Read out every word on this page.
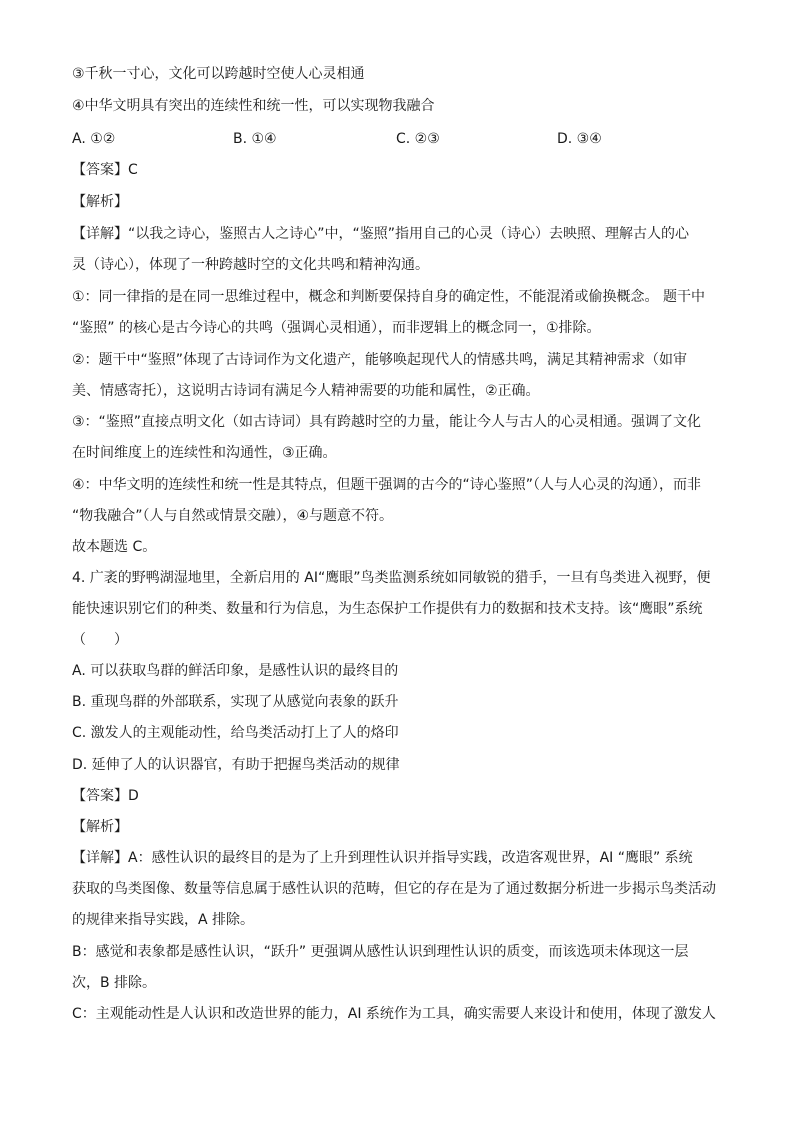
③千秋一寸心，文化可以跨越时空使人心灵相通
④中华文明具有突出的连续性和统一性，可以实现物我融合
A. ①②	B. ①④	C. ②③	D. ③④
【答案】C
【解析】
【详解】“以我之诗心，鉴照古人之诗心”中，“鉴照”指用自己的心灵（诗心）去映照、理解古人的心
灵（诗心），体现了一种跨越时空的文化共鸣和精神沟通。
①：同一律指的是在同一思维过程中，概念和判断要保持自身的确定性，不能混淆或偷换概念。 题干中
“鉴照” 的核心是古今诗心的共鸣（强调心灵相通），而非逻辑上的概念同一，①排除。
②：题干中“鉴照”体现了古诗词作为文化遗产，能够唤起现代人的情感共鸣，满足其精神需求（如审
美、情感寄托），这说明古诗词有满足今人精神需要的功能和属性，②正确。
③：“鉴照”直接点明文化（如古诗词）具有跨越时空的力量，能让今人与古人的心灵相通。强调了文化
在时间维度上的连续性和沟通性，③正确。
④：中华文明的连续性和统一性是其特点，但题干强调的古今的“诗心鉴照”（人与人心灵的沟通），而非
“物我融合”（人与自然或情景交融），④与题意不符。
故本题选 C。
4. 广袤的野鸭湖湿地里，全新启用的 AI“鹰眼”鸟类监测系统如同敏锐的猎手，一旦有鸟类进入视野，便
能快速识别它们的种类、数量和行为信息，为生态保护工作提供有力的数据和技术支持。该“鹰眼”系统
（　　）
A. 可以获取鸟群的鲜活印象，是感性认识的最终目的
B. 重现鸟群的外部联系，实现了从感觉向表象的跃升
C. 激发人的主观能动性，给鸟类活动打上了人的烙印
D. 延伸了人的认识器官，有助于把握鸟类活动的规律
【答案】D
【解析】
【详解】A：感性认识的最终目的是为了上升到理性认识并指导实践，改造客观世界，AI “鹰眼” 系统
获取的鸟类图像、数量等信息属于感性认识的范畴，但它的存在是为了通过数据分析进一步揭示鸟类活动
的规律来指导实践，A 排除。
B：感觉和表象都是感性认识，“跃升” 更强调从感性认识到理性认识的质变，而该选项未体现这一层
次，B 排除。
C：主观能动性是人认识和改造世界的能力，AI 系统作为工具，确实需要人来设计和使用，体现了激发人
